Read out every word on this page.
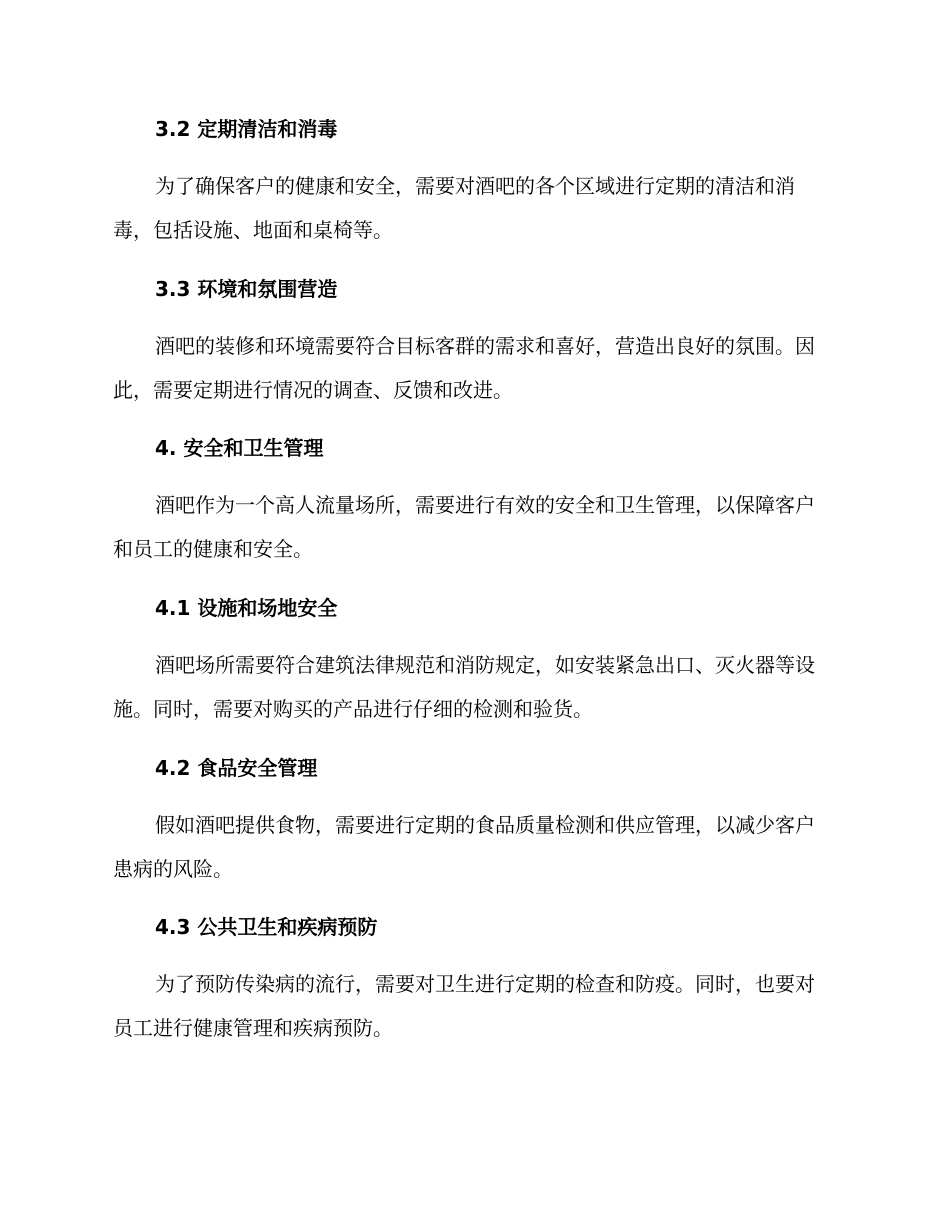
3.2 定期清洁和消毒

为了确保客户的健康和安全，需要对酒吧的各个区域进行定期的清洁和消毒，包括设施、地面和桌椅等。

3.3 环境和氛围营造

酒吧的装修和环境需要符合目标客群的需求和喜好，营造出良好的氛围。因此，需要定期进行情况的调查、反馈和改进。

4. 安全和卫生管理

酒吧作为一个高人流量场所，需要进行有效的安全和卫生管理，以保障客户和员工的健康和安全。

4.1 设施和场地安全

酒吧场所需要符合建筑法律规范和消防规定，如安装紧急出口、灭火器等设施。同时，需要对购买的产品进行仔细的检测和验货。

4.2 食品安全管理

假如酒吧提供食物，需要进行定期的食品质量检测和供应管理，以减少客户患病的风险。

4.3 公共卫生和疾病预防

为了预防传染病的流行，需要对卫生进行定期的检查和防疫。同时，也要对员工进行健康管理和疾病预防。
